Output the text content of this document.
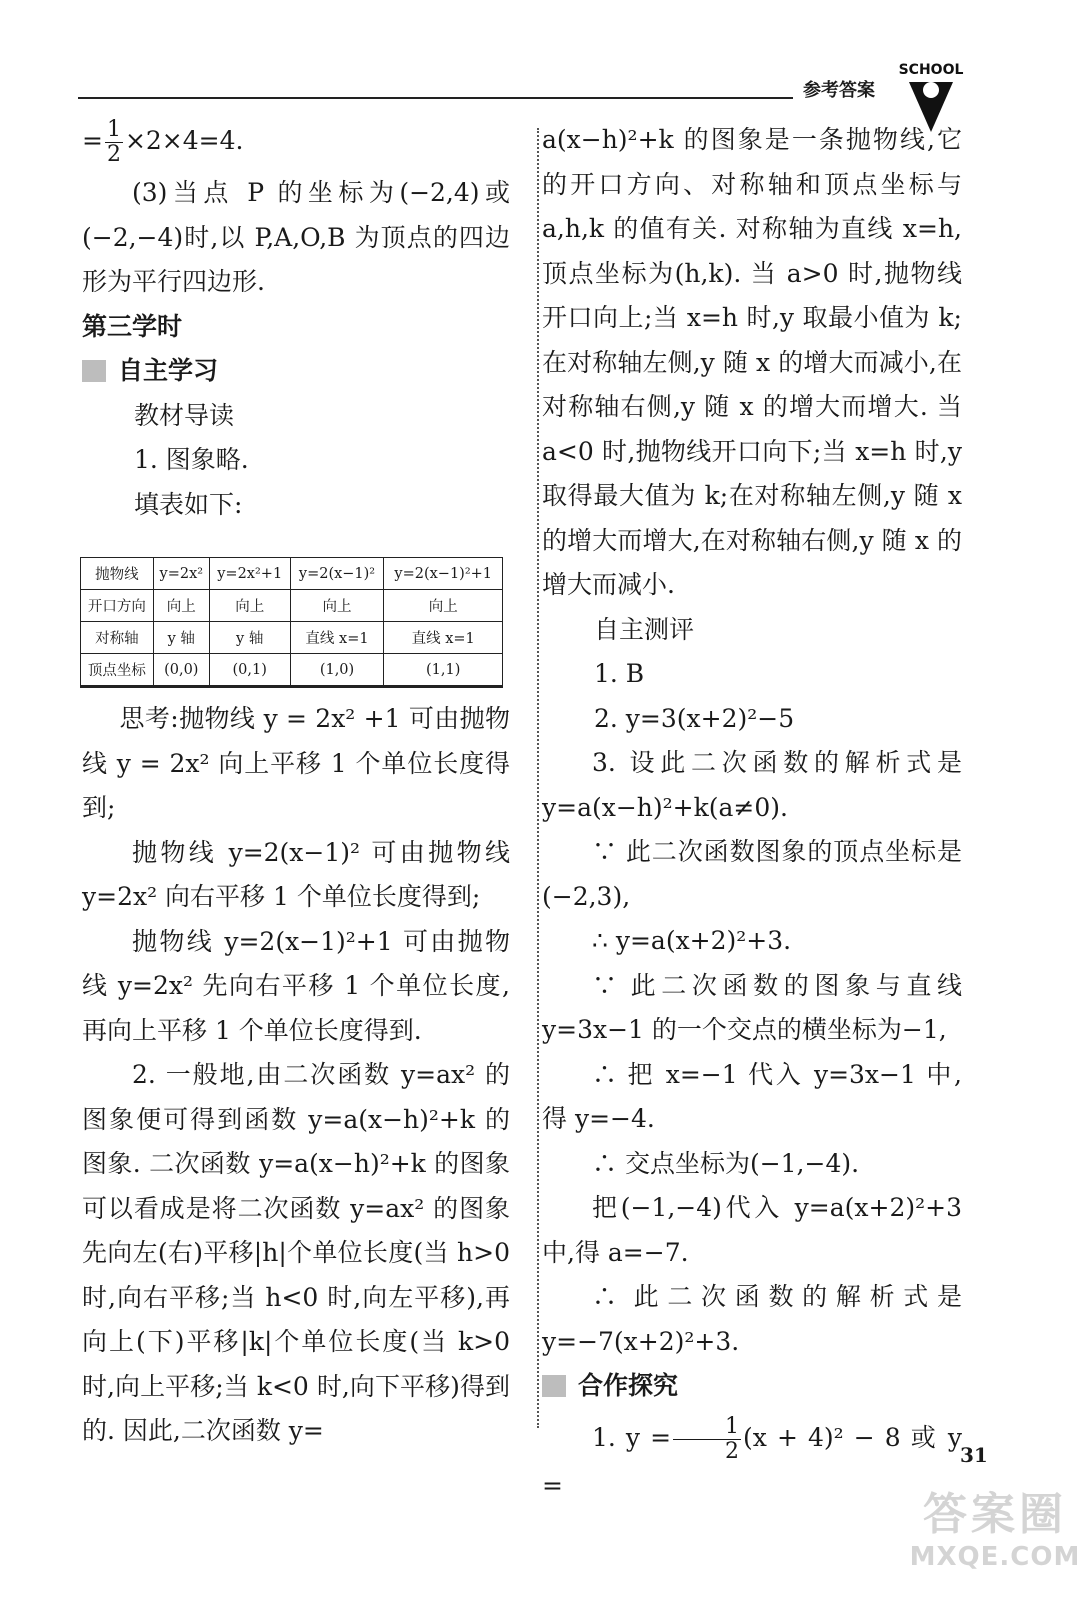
参考答案
SCHOOL

= $\frac{1}{2} \times 2\times 4=4$.

(3)当点 P 的坐标为(−2,4)或(−2,−4)时,以 P,A,O,B 为顶点的四边形为平行四边形.

第三学时

自主学习

教材导读

1. 图象略.

填表如下:

思考:抛物线 y = 2x² +1 可由抛物线 y = 2x² 向上平移 1 个单位长度得到;

抛物线 y=2(x−1)² 可由抛物线 y=2x² 向右平移 1 个单位长度得到;

抛物线 y=2(x−1)²+1 可由抛物线 y=2x² 先向右平移 1 个单位长度,再向上平移 1 个单位长度得到.

2. 一般地,由二次函数 y=ax² 的图象便可得到函数 y=a(x−h)²+k 的图象. 二次函数 y=a(x−h)²+k 的图象可以看成是将二次函数 y=ax² 的图象先向左(右)平移|h|个单位长度(当 h>0 时,向右平移;当 h<0 时,向左平移),再向上(下)平移|k|个单位长度(当 k>0 时,向上平移;当 k<0 时,向下平移)得到的. 因此,二次函数 y=

抛物线	y=2x²	y=2x²+1	y=2(x−1)²	y=2(x−1)²+1
开口方向	向上	向上	向上	向上
对称轴	y 轴	y 轴	直线 x=1	直线 x=1
顶点坐标	(0,0)	(0,1)	(1,0)	(1,1)

a(x−h)²+k 的图象是一条抛物线,它的开口方向、对称轴和顶点坐标与 a,h,k 的值有关. 对称轴为直线 x=h,顶点坐标为(h,k). 当 a>0 时,抛物线开口向上;当 x=h 时,y 取最小值为 k;在对称轴左侧,y 随 x 的增大而减小,在对称轴右侧,y 随 x 的增大而增大. 当 a<0 时,抛物线开口向下;当 x=h 时,y 取得最大值为 k;在对称轴左侧,y 随 x 的增大而增大,在对称轴右侧,y 随 x 的增大而减小.

自主测评

1. B

2. y=3(x+2)²−5

3. 设此二次函数的解析式是 y=a(x−h)²+k(a≠0).

∵ 此二次函数图象的顶点坐标是(−2,3),

∴ y=a(x+2)²+3.

∵ 此二次函数的图象与直线 y=3x−1 的一个交点的横坐标为−1,

∴ 把 x=−1 代入 y=3x−1 中,得 y=−4.

∴ 交点坐标为(−1,−4).

把(−1,−4)代入 y=a(x+2)²+3 中,得 a=−7.

∴ 此二次函数的解析式是 y=−7(x+2)²+3.

合作探究

1. $y = \frac{1}{2} (x + 4)^2 - 8$ 或 y =

31
答案圈
MXQE.COM
